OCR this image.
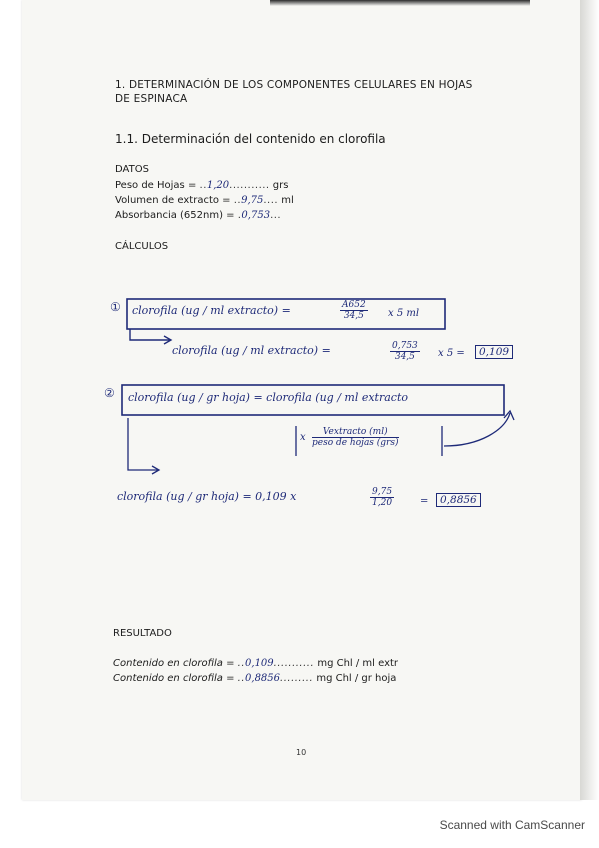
1. DETERMINACIÓN DE LOS COMPONENTES CELULARES EN HOJAS
DE ESPINACA
1.1. Determinación del contenido en clorofila
DATOS
Peso de Hojas = ..1,20........... grs
Volumen de extracto = ..9,75.... ml
Absorbancia (652nm) = .0,753...
CÁLCULOS
① clorofila (ug / ml extracto) =	$\frac{A652}{34,5}$ x 5 ml
clorofila (ug / ml extracto) =	$\frac{0,753}{34,5}$ x 5 =	0,109
② clorofila (ug / gr hoja) = clorofila (ug / ml extracto
x	Vextracto (ml)
peso de hojas (grs)
clorofila (ug / gr hoja) = 0,109 x	$\frac{9,75}{1,20}$	=	0,8856
RESULTADO
Contenido en clorofila = ..0,109........... mg Chl / ml extr
Contenido en clorofila = ..0,8856......... mg Chl / gr hoja
10
Scanned with CamScanner
